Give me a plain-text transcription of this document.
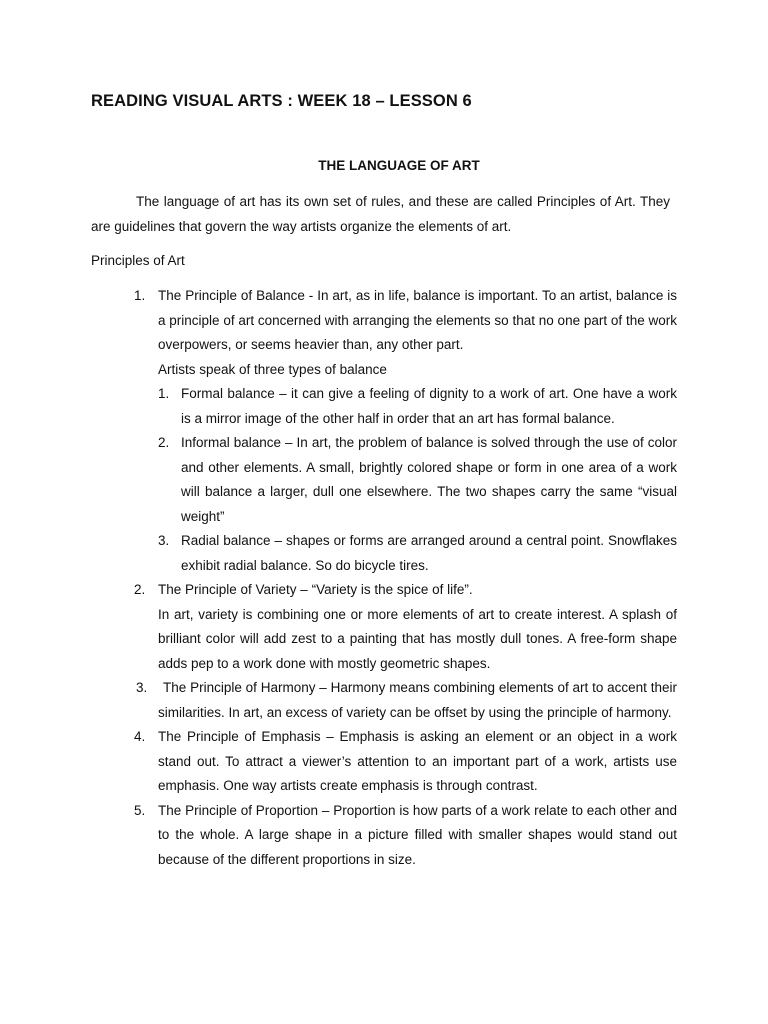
READING VISUAL ARTS : WEEK 18 – LESSON 6
THE LANGUAGE OF ART

The language of art has its own set of rules, and these are called Principles of Art. They are guidelines that govern the way artists organize the elements of art.

Principles of Art

1. The Principle of Balance - In art, as in life, balance is important. To an artist, balance is a principle of art concerned with arranging the elements so that no one part of the work overpowers, or seems heavier than, any other part.

Artists speak of three types of balance

1. Formal balance – it can give a feeling of dignity to a work of art. One have a work is a mirror image of the other half in order that an art has formal balance.
2. Informal balance – In art, the problem of balance is solved through the use of color and other elements. A small, brightly colored shape or form in one area of a work will balance a larger, dull one elsewhere. The two shapes carry the same “visual weight”
3. Radial balance – shapes or forms are arranged around a central point. Snowflakes exhibit radial balance. So do bicycle tires.
2. The Principle of Variety – “Variety is the spice of life”.
In art, variety is combining one or more elements of art to create interest. A splash of brilliant color will add zest to a painting that has mostly dull tones. A free-form shape adds pep to a work done with mostly geometric shapes.
3.	The Principle of Harmony – Harmony means combining elements of art to accent their similarities. In art, an excess of variety can be offset by using the principle of harmony.
4. The Principle of Emphasis – Emphasis is asking an element or an object in a work stand out. To attract a viewer’s attention to an important part of a work, artists use emphasis. One way artists create emphasis is through contrast.
5. The Principle of Proportion – Proportion is how parts of a work relate to each other and to the whole. A large shape in a picture filled with smaller shapes would stand out because of the different proportions in size.
